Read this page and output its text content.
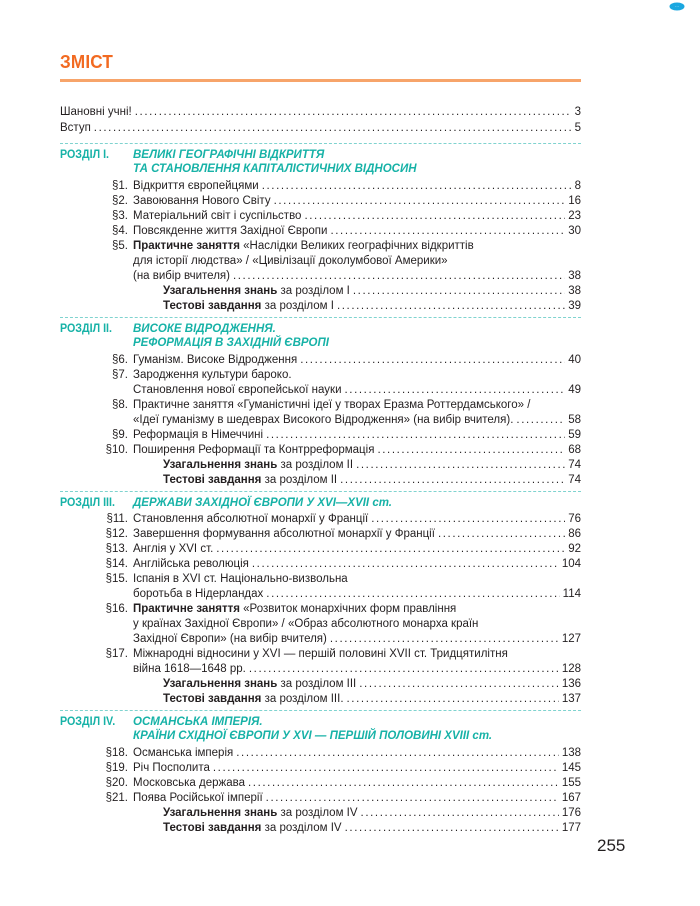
···
ЗМІСТ
Шановні учні! .....	3
Вступ .....	5
РОЗДІЛ I. ВЕЛИКІ ГЕОГРАФІЧНІ ВІДКРИТТЯ
ТА СТАНОВЛЕННЯ КАПІТАЛІСТИЧНИХ ВІДНОСИН
§1. Відкриття європейцями .....	8
§2. Завоювання Нового Світу .....	16
§3. Матеріальний світ і суспільство .....	23
§4. Повсякденне життя Західної Європи .....	30
§5. Практичне заняття «Наслідки Великих географічних відкриттів
для історії людства» / «Цивілізації доколумбової Америки»
(на вибір вчителя) .....	38
Узагальнення знань за розділом I .....	38
Тестові завдання за розділом I .....	39
РОЗДІЛ II. ВИСОКЕ ВІДРОДЖЕННЯ.
РЕФОРМАЦІЯ В ЗАХІДНІЙ ЄВРОПІ
§6. Гуманізм. Високе Відродження .....	40
§7. Зародження культури бароко.
Становлення нової європейської науки .....	49
§8. Практичне заняття «Гуманістичні ідеї у творах Еразма Роттердамського» /
«Ідеї гуманізму в шедеврах Високого Відродження» (на вибір вчителя). .....	58
§9. Реформація в Німеччині .....	59
§10. Поширення Реформації та Контрреформація .....	68
Узагальнення знань за розділом II .....	74
Тестові завдання за розділом II .....	74
РОЗДІЛ III. ДЕРЖАВИ ЗАХІДНОЇ ЄВРОПИ У XVI—XVII ст.
§11. Становлення абсолютної монархії у Франції .....	76
§12. Завершення формування абсолютної монархії у Франції .....	86
§13. Англія у XVI ст. .....	92
§14. Англійська революція .....	104
§15. Іспанія в XVI ст. Національно-визвольна
боротьба в Нідерландах .....	114
§16. Практичне заняття «Розвиток монархічних форм правління
у країнах Західної Європи» / «Образ абсолютного монарха країн
Західної Європи» (на вибір вчителя) .....	127
§17. Міжнародні відносини у XVI — першій половині XVII ст. Тридцятилітня
війна 1618—1648 рр. .....	128
Узагальнення знань за розділом III .....	136
Тестові завдання за розділом III. .....	137
РОЗДІЛ IV. ОСМАНСЬКА ІМПЕРІЯ.
КРАЇНИ СХІДНОЇ ЄВРОПИ У XVI — ПЕРШІЙ ПОЛОВИНІ XVIII ст.
§18. Османська імперія .....	138
§19. Річ Посполита .....	145
§20. Московська держава .....	155
§21. Поява Російської імперії .....	167
Узагальнення знань за розділом IV .....	176
Тестові завдання за розділом IV .....	177
255
